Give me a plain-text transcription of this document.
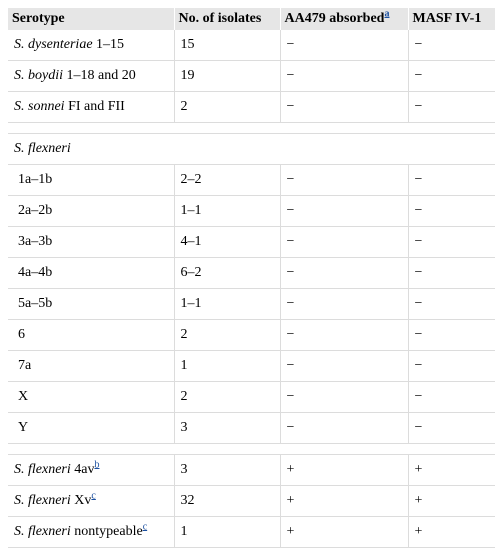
Serotype	No. of isolates	AA479 absorbed$^a$	MASF IV-1
S. dysenteriae 1–15	15	−	−
S. boydii 1–18 and 20	19	−	−
S. sonnei FI and FII	2	−	−

S. flexneri			
1a–1b	2–2	−	−
2a–2b	1–1	−	−
3a–3b	4–1	−	−
4a–4b	6–2	−	−
5a–5b	1–1	−	−
6	2	−	−
7a	1	−	−
X	2	−	−
Y	3	−	−

S. flexneri 4av$^b$	3	+	+
S. flexneri Xv$^c$	32	+	+
S. flexneri nontypeable$^c$	1	+	+
